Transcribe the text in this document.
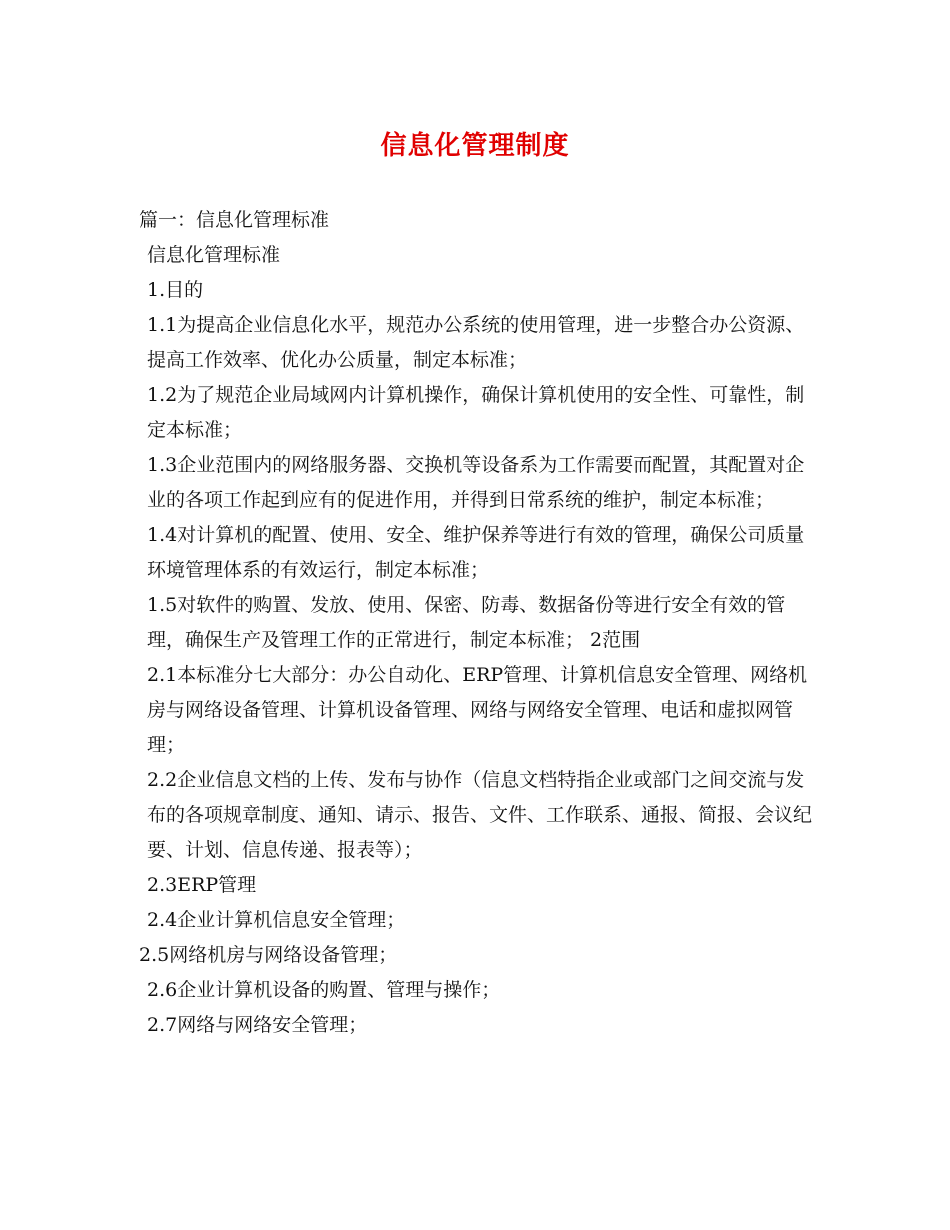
信息化管理制度

篇一：信息化管理标准

信息化管理标准

1.目的

1.1为提高企业信息化水平，规范办公系统的使用管理，进一步整合办公资源、提高工作效率、优化办公质量，制定本标准；

1.2为了规范企业局域网内计算机操作，确保计算机使用的安全性、可靠性，制定本标准；

1.3企业范围内的网络服务器、交换机等设备系为工作需要而配置，其配置对企业的各项工作起到应有的促进作用，并得到日常系统的维护，制定本标准；

1.4对计算机的配置、使用、安全、维护保养等进行有效的管理，确保公司质量环境管理体系的有效运行，制定本标准；

1.5对软件的购置、发放、使用、保密、防毒、数据备份等进行安全有效的管理，确保生产及管理工作的正常进行，制定本标准； 2范围

2.1本标准分七大部分：办公自动化、ERP管理、计算机信息安全管理、网络机房与网络设备管理、计算机设备管理、网络与网络安全管理、电话和虚拟网管理；

2.2企业信息文档的上传、发布与协作（信息文档特指企业或部门之间交流与发布的各项规章制度、通知、请示、报告、文件、工作联系、通报、简报、会议纪要、计划、信息传递、报表等）；

2.3ERP管理

2.4企业计算机信息安全管理；

2.5网络机房与网络设备管理；

2.6企业计算机设备的购置、管理与操作；

2.7网络与网络安全管理；
